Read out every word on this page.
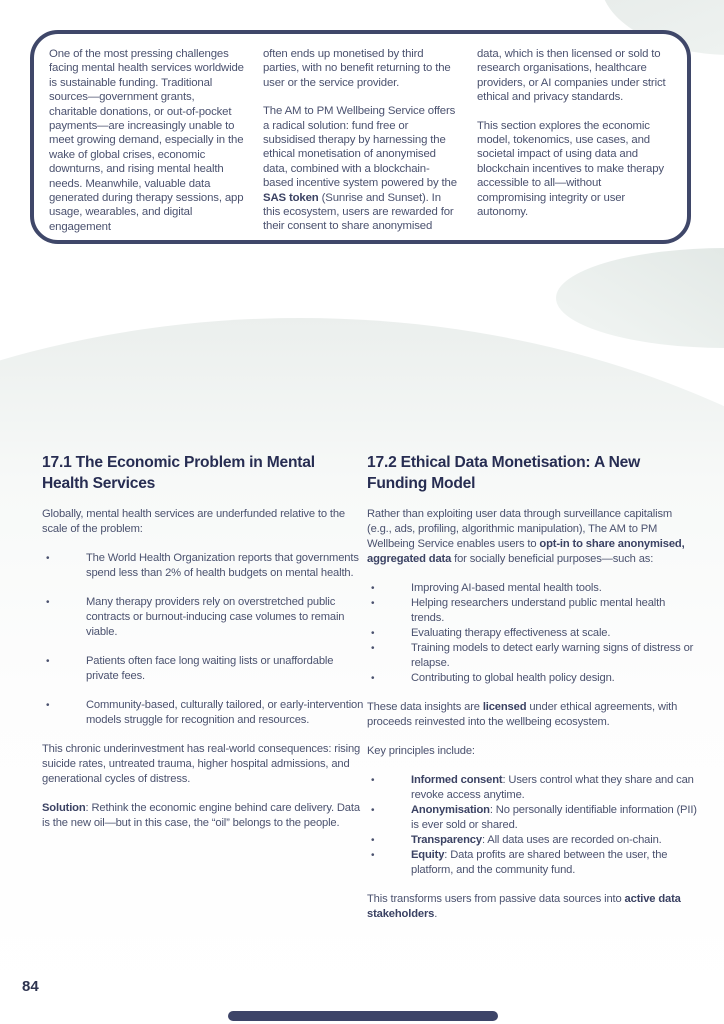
One of the most pressing challenges facing mental health services worldwide is sustainable funding. Traditional sources—government grants, charitable donations, or out-of-pocket payments—are increasingly unable to meet growing demand, especially in the wake of global crises, economic downturns, and rising mental health needs. Meanwhile, valuable data generated during therapy sessions, app usage, wearables, and digital engagement

often ends up monetised by third parties, with no benefit returning to the user or the service provider.

The AM to PM Wellbeing Service offers a radical solution: fund free or subsidised therapy by harnessing the ethical monetisation of anonymised data, combined with a blockchain-based incentive system powered by the SAS token (Sunrise and Sunset). In this ecosystem, users are rewarded for their consent to share anonymised

data, which is then licensed or sold to research organisations, healthcare providers, or AI companies under strict ethical and privacy standards.

This section explores the economic model, tokenomics, use cases, and societal impact of using data and blockchain incentives to make therapy accessible to all—without compromising integrity or user autonomy.

17.1 The Economic Problem in Mental Health Services

Globally, mental health services are underfunded relative to the scale of the problem:

•	The World Health Organization reports that governments spend less than 2% of health budgets on mental health.
•	Many therapy providers rely on overstretched public contracts or burnout-inducing case volumes to remain viable.
•	Patients often face long waiting lists or unaffordable private fees.
•	Community-based, culturally tailored, or early-intervention models struggle for recognition and resources.

This chronic underinvestment has real-world consequences: rising suicide rates, untreated trauma, higher hospital admissions, and generational cycles of distress.

Solution: Rethink the economic engine behind care delivery. Data is the new oil—but in this case, the “oil” belongs to the people.

17.2 Ethical Data Monetisation: A New Funding Model

Rather than exploiting user data through surveillance capitalism (e.g., ads, profiling, algorithmic manipulation), The AM to PM Wellbeing Service enables users to opt-in to share anonymised, aggregated data for socially beneficial purposes—such as:

•	Improving AI-based mental health tools.
•	Helping researchers understand public mental health trends.
•	Evaluating therapy effectiveness at scale.
•	Training models to detect early warning signs of distress or relapse.
•	Contributing to global health policy design.

These data insights are licensed under ethical agreements, with proceeds reinvested into the wellbeing ecosystem.

Key principles include:

•	Informed consent: Users control what they share and can revoke access anytime.
•	Anonymisation: No personally identifiable information (PII) is ever sold or shared.
•	Transparency: All data uses are recorded on-chain.
•	Equity: Data profits are shared between the user, the platform, and the community fund.

This transforms users from passive data sources into active data stakeholders.

84
